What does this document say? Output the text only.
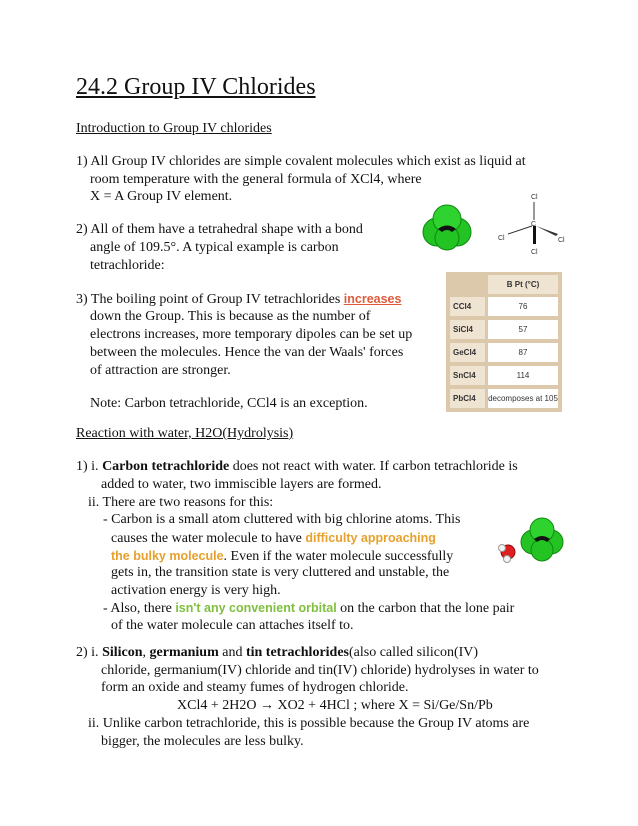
24.2 Group IV Chlorides
Introduction to Group IV chlorides
1) All Group IV chlorides are simple covalent molecules which exist as liquid at
room temperature with the general formula of XCl4, where
X = A Group IV element.
2) All of them have a tetrahedral shape with a bond
angle of 109.5°. A typical example is carbon
tetrachloride:
Cl
C
Cl	Cl
Cl
3) The boiling point of Group IV tetrachlorides increases
down the Group. This is because as the number of
electrons increases, more temporary dipoles can be set up
between the molecules. Hence the van der Waals' forces
of attraction are stronger.
Note: Carbon tetrachloride, CCl4 is an exception.
B Pt (°C)
CCl4	76
SiCl4	57
GeCl4	87
SnCl4	114
PbCl4	decomposes at 105
Reaction with water, H2O(Hydrolysis)
1) i. Carbon tetrachloride does not react with water. If carbon tetrachloride is
added to water, two immiscible layers are formed.
ii. There are two reasons for this:
- Carbon is a small atom cluttered with big chlorine atoms. This
causes the water molecule to have difficulty approaching
the bulky molecule. Even if the water molecule successfully
gets in, the transition state is very cluttered and unstable, the
activation energy is very high.
- Also, there isn't any convenient orbital on the carbon that the lone pair
of the water molecule can attaches itself to.
2) i. Silicon, germanium and tin tetrachlorides(also called silicon(IV)
chloride, germanium(IV) chloride and tin(IV) chloride) hydrolyses in water to
form an oxide and steamy fumes of hydrogen chloride.
XCl4 + 2H2O → XO2 + 4HCl ; where X = Si/Ge/Sn/Pb
ii. Unlike carbon tetrachloride, this is possible because the Group IV atoms are
bigger, the molecules are less bulky.
